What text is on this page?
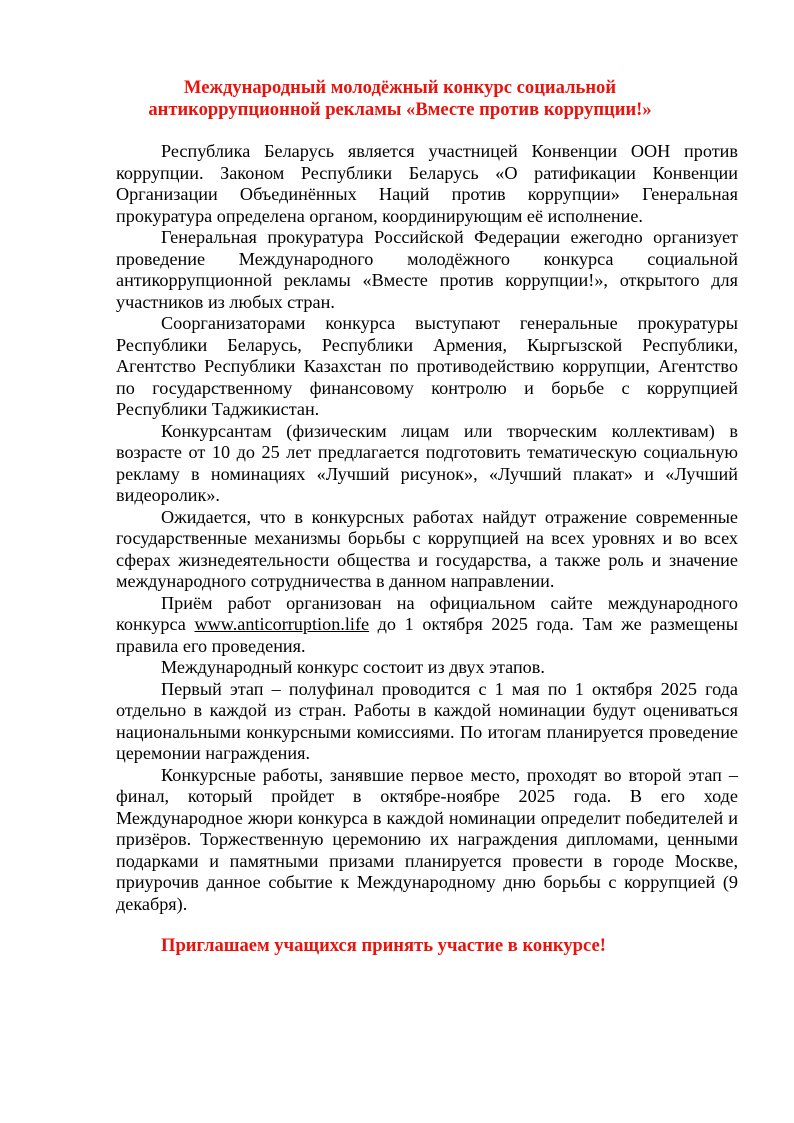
Международный молодёжный конкурс социальной
антикоррупционной рекламы «Вместе против коррупции!»

Республика Беларусь является участницей Конвенции ООН против коррупции. Законом Республики Беларусь «О ратификации Конвенции Организации Объединённых Наций против коррупции» Генеральная прокуратура определена органом, координирующим её исполнение.

Генеральная прокуратура Российской Федерации ежегодно организует проведение Международного молодёжного конкурса социальной антикоррупционной рекламы «Вместе против коррупции!», открытого для участников из любых стран.

Соорганизаторами конкурса выступают генеральные прокуратуры Республики Беларусь, Республики Армения, Кыргызской Республики, Агентство Республики Казахстан по противодействию коррупции, Агентство по государственному финансовому контролю и борьбе с коррупцией Республики Таджикистан.

Конкурсантам (физическим лицам или творческим коллективам) в возрасте от 10 до 25 лет предлагается подготовить тематическую социальную рекламу в номинациях «Лучший рисунок», «Лучший плакат» и «Лучший видеоролик».

Ожидается, что в конкурсных работах найдут отражение современные государственные механизмы борьбы с коррупцией на всех уровнях и во всех сферах жизнедеятельности общества и государства, а также роль и значение международного сотрудничества в данном направлении.

Приём работ организован на официальном сайте международного конкурса www.anticorruption.life до 1 октября 2025 года. Там же размещены правила его проведения.

Международный конкурс состоит из двух этапов.

Первый этап – полуфинал проводится с 1 мая по 1 октября 2025 года отдельно в каждой из стран. Работы в каждой номинации будут оцениваться национальными конкурсными комиссиями. По итогам планируется проведение церемонии награждения.

Конкурсные работы, занявшие первое место, проходят во второй этап – финал, который пройдет в октябре-ноябре 2025 года. В его ходе Международное жюри конкурса в каждой номинации определит победителей и призёров. Торжественную церемонию их награждения дипломами, ценными подарками и памятными призами планируется провести в городе Москве, приурочив данное событие к Международному дню борьбы с коррупцией (9 декабря).

Приглашаем учащихся принять участие в конкурсе!
